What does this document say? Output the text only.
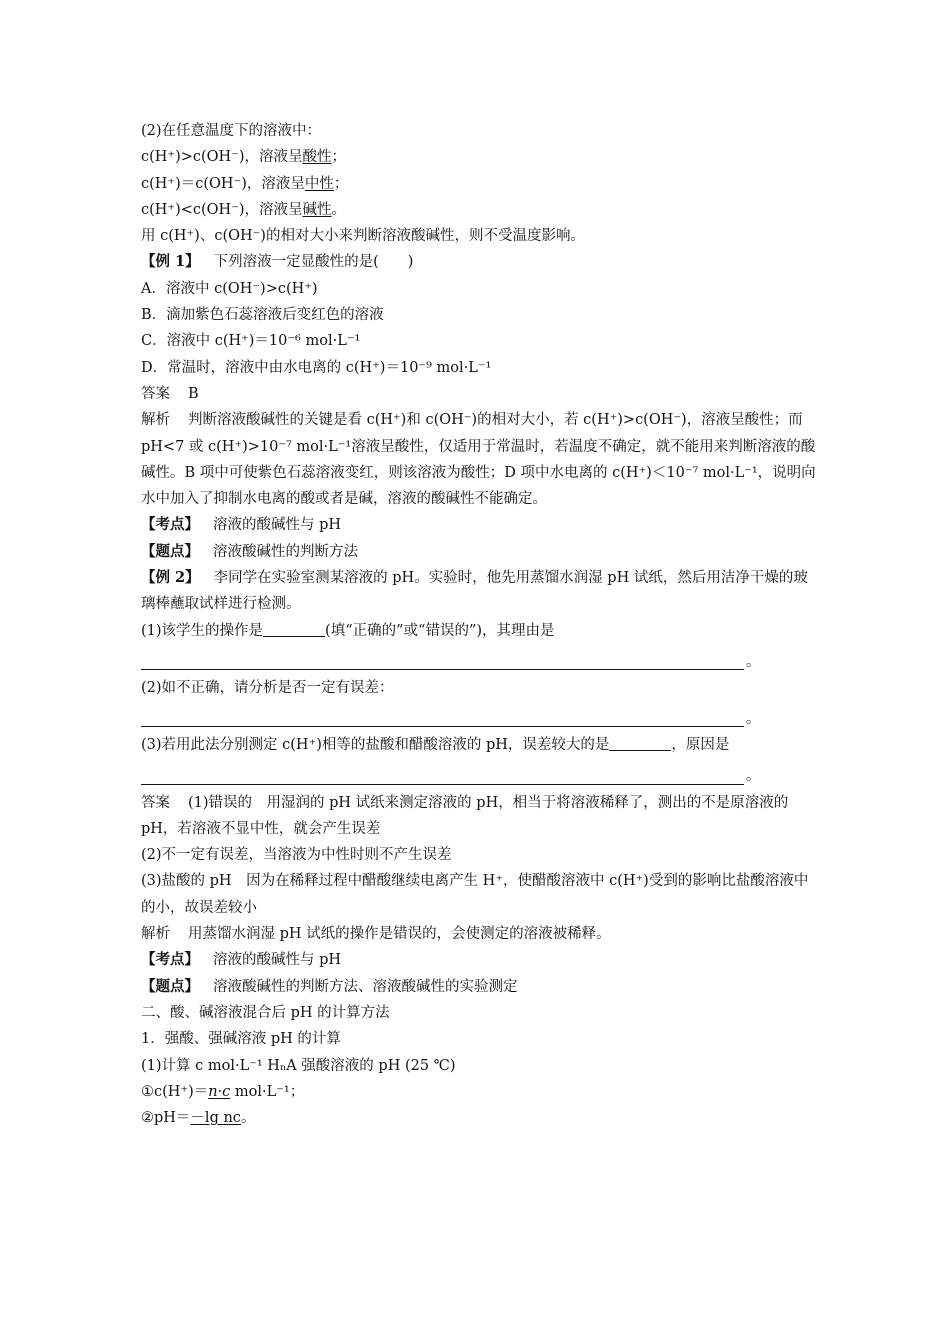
(2)在任意温度下的溶液中：
c(H⁺)>c(OH⁻)，溶液呈酸性；
c(H⁺)＝c(OH⁻)，溶液呈中性；
c(H⁺)<c(OH⁻)，溶液呈碱性。
用 c(H⁺)、c(OH⁻)的相对大小来判断溶液酸碱性，则不受温度影响。
【例 1】 下列溶液一定显酸性的是(　　)
A．溶液中 c(OH⁻)>c(H⁺)
B．滴加紫色石蕊溶液后变红色的溶液
C．溶液中 c(H⁺)＝10⁻⁶ mol·L⁻¹
D．常温时，溶液中由水电离的 c(H⁺)＝10⁻⁹ mol·L⁻¹
答案 B
解析 判断溶液酸碱性的关键是看 c(H⁺)和 c(OH⁻)的相对大小，若 c(H⁺)>c(OH⁻)，溶液呈酸性；而 pH<7 或 c(H⁺)>10⁻⁷ mol·L⁻¹溶液呈酸性，仅适用于常温时，若温度不确定，就不能用来判断溶液的酸碱性。B 项中可使紫色石蕊溶液变红，则该溶液为酸性；D 项中水电离的 c(H⁺)＜10⁻⁷ mol·L⁻¹，说明向水中加入了抑制水电离的酸或者是碱，溶液的酸碱性不能确定。
【考点】 溶液的酸碱性与 pH
【题点】 溶液酸碱性的判断方法
【例 2】 李同学在实验室测某溶液的 pH。实验时，他先用蒸馏水润湿 pH 试纸，然后用洁净干燥的玻璃棒蘸取试样进行检测。
(1)该学生的操作是	(填“正确的”或“错误的”)，其理由是
。
(2)如不正确，请分析是否一定有误差：
。
(3)若用此法分别测定 c(H⁺)相等的盐酸和醋酸溶液的 pH，误差较大的是	，原因是
。
答案 (1)错误的　用湿润的 pH 试纸来测定溶液的 pH，相当于将溶液稀释了，测出的不是原溶液的 pH，若溶液不显中性，就会产生误差
(2)不一定有误差，当溶液为中性时则不产生误差
(3)盐酸的 pH　因为在稀释过程中醋酸继续电离产生 H⁺，使醋酸溶液中 c(H⁺)受到的影响比盐酸溶液中的小，故误差较小
解析 用蒸馏水润湿 pH 试纸的操作是错误的，会使测定的溶液被稀释。
【考点】 溶液的酸碱性与 pH
【题点】 溶液酸碱性的判断方法、溶液酸碱性的实验测定
二、酸、碱溶液混合后 pH 的计算方法
1．强酸、强碱溶液 pH 的计算
(1)计算 c mol·L⁻¹ HₙA 强酸溶液的 pH (25 ℃)
①c(H⁺)＝n·c mol·L⁻¹；
②pH＝－lg nc。
